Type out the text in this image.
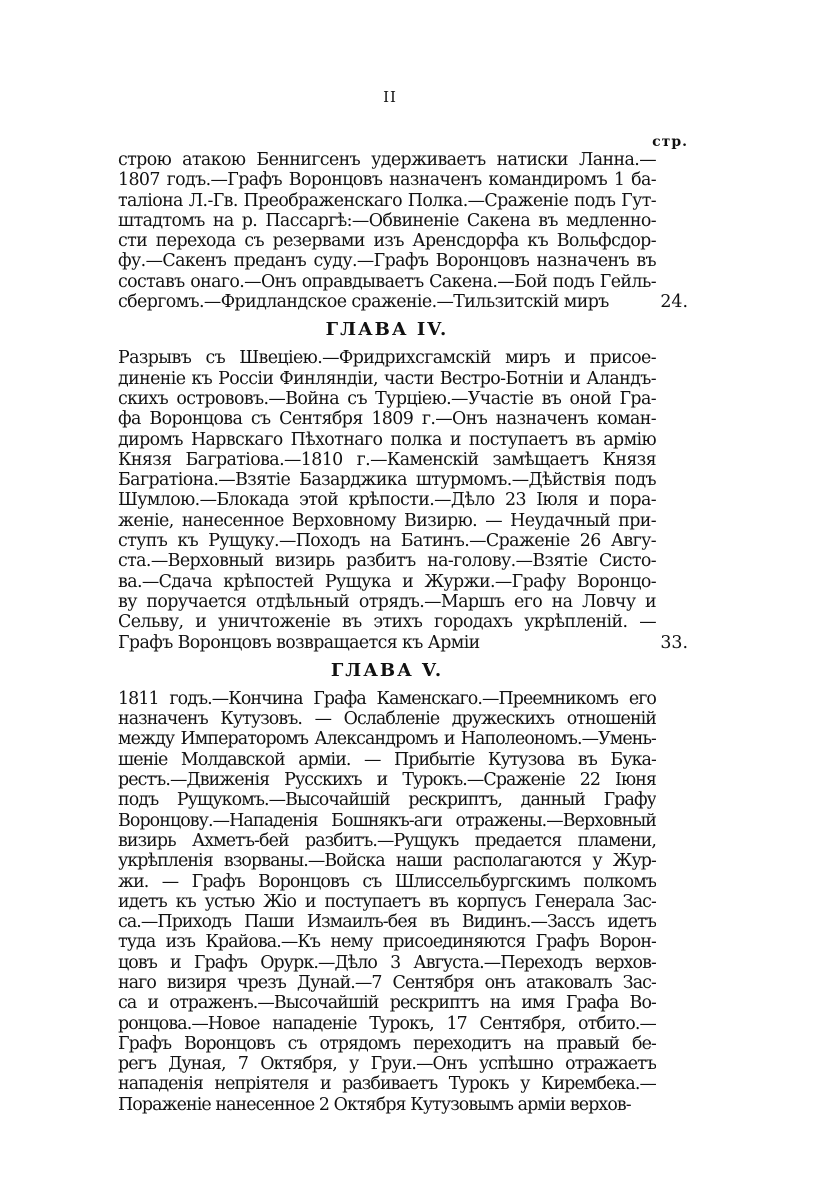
II
стр.
строю атакою Беннигсенъ удерживаетъ натиски Ланна.—
1807 годъ.—Графъ Воронцовъ назначенъ командиромъ 1 ба-
таліона Л.-Гв. Преображенскаго Полка.—Сраженіе подъ Гут-
штадтомъ на р. Пассаргѣ:—Обвиненіе Сакена въ медленно-
сти перехода съ резервами изъ Аренсдорфа къ Вольфсдор-
фу.—Сакенъ преданъ суду.—Графъ Воронцовъ назначенъ въ
составъ онаго.—Онъ оправдываетъ Сакена.—Бой подъ Гейль-
сбергомъ.—Фридландское сраженіе.—Тильзитскій миръ	24.
ГЛАВА IV.
Разрывъ съ Швеціею.—Фридрихсгамскій миръ и присое-
диненіе къ Россіи Финляндіи, части Вестро-Ботніи и Аландъ-
скихъ острововъ.—Война съ Турціею.—Участіе въ оной Гра-
фа Воронцова съ Сентября 1809 г.—Онъ назначенъ коман-
диромъ Нарвскаго Пѣхотнаго полка и поступаетъ въ армію
Князя Багратіова.—1810 г.—Каменскій замѣщаетъ Князя
Багратіона.—Взятіе Базарджика штурмомъ.—Дѣйствія подъ
Шумлою.—Блокада этой крѣпости.—Дѣло 23 Іюля и пора-
женіе, нанесенное Верховному Визирю. — Неудачный при-
ступъ къ Рущуку.—Походъ на Батинъ.—Сраженіе 26 Авгу-
ста.—Верховный визирь разбитъ на-голову.—Взятіе Систо-
ва.—Сдача крѣпостей Рущука и Журжи.—Графу Воронцо-
ву поручается отдѣльный отрядъ.—Маршъ его на Ловчу и
Сельву, и уничтоженіе въ этихъ городахъ укрѣпленій. —
Графъ Воронцовъ возвращается къ Арміи	33.
ГЛАВА V.
1811 годъ.—Кончина Графа Каменскаго.—Преемникомъ его
назначенъ Кутузовъ. — Ослабленіе дружескихъ отношеній
между Императоромъ Александромъ и Наполеономъ.—Умень-
шеніе Молдавской арміи. — Прибытіе Кутузова въ Бука-
рестъ.—Движенія Русскихъ и Турокъ.—Сраженіе 22 Іюня
подъ Рущукомъ.—Высочайшій рескриптъ, данный Графу
Воронцову.—Нападенія Бошнякъ-аги отражены.—Верховный
визирь Ахметъ-бей разбитъ.—Рущукъ предается пламени,
укрѣпленія взорваны.—Войска наши располагаются у Жур-
жи. — Графъ Воронцовъ съ Шлиссельбургскимъ полкомъ
идетъ къ устью Жіо и поступаетъ въ корпусъ Генерала Зас-
са.—Приходъ Паши Измаилъ-бея въ Видинъ.—Зассъ идетъ
туда изъ Крайова.—Къ нему присоединяются Графъ Ворон-
цовъ и Графъ Орурк.—Дѣло 3 Августа.—Переходъ верхов-
наго визиря чрезъ Дунай.—7 Сентября онъ атаковалъ Зас-
са и отраженъ.—Высочайшій рескриптъ на имя Графа Во-
ронцова.—Новое нападеніе Турокъ, 17 Сентября, отбито.—
Графъ Воронцовъ съ отрядомъ переходитъ на правый бе-
регъ Дуная, 7 Октября, у Груи.—Онъ успѣшно отражаетъ
нападенія непріятеля и разбиваетъ Турокъ у Кирембека.—
Пораженіе нанесенное 2 Октября Кутузовымъ арміи верхов-
